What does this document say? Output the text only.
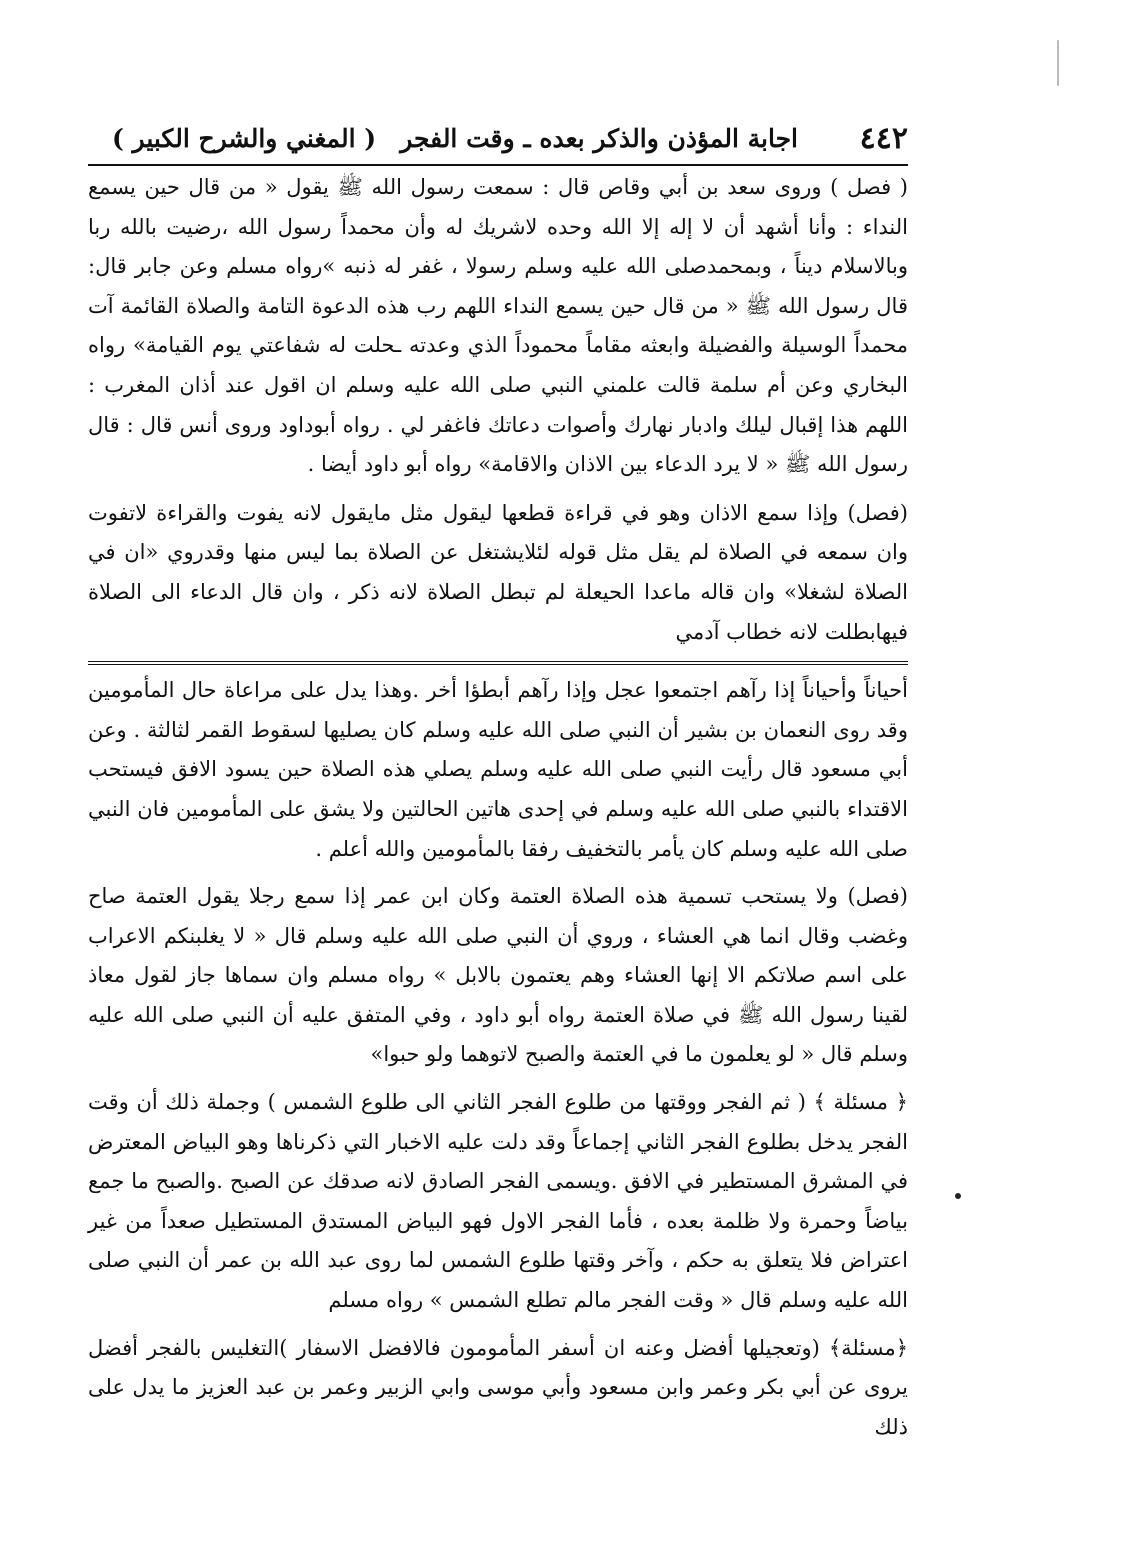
٤٤٢
اجابة المؤذن والذكر بعده ـ وقت الفجر
( المغني والشرح الكبير )

( فصل ) وروى سعد بن أبي وقاص قال : سمعت رسول الله ﷺ يقول « من قال حين يسمع النداء : وأنا أشهد أن لا إله إلا الله وحده لاشريك له وأن محمداً رسول الله ،رضيت بالله ربا وبالاسلام ديناً ، وبمحمدصلى الله عليه وسلم رسولا ، غفر له ذنبه »رواه مسلم وعن جابر قال: قال رسول الله ﷺ « من قال حين يسمع النداء اللهم رب هذه الدعوة التامة والصلاة القائمة آت محمداً الوسيلة والفضيلة وابعثه مقاماً محموداً الذي وعدته ـحلت له شفاعتي يوم القيامة» رواه البخاري وعن أم سلمة قالت علمني النبي صلى الله عليه وسلم ان اقول عند أذان المغرب : اللهم هذا إقبال ليلك وادبار نهارك وأصوات دعاتك فاغفر لي . رواه أبوداود وروى أنس قال : قال رسول الله ﷺ « لا يرد الدعاء بين الاذان والاقامة» رواه أبو داود أيضا .

(فصل) وإذا سمع الاذان وهو في قراءة قطعها ليقول مثل مايقول لانه يفوت والقراءة لاتفوت وان سمعه في الصلاة لم يقل مثل قوله لئلايشتغل عن الصلاة بما ليس منها وقدروي «ان في الصلاة لشغلا» وان قاله ماعدا الحيعلة لم تبطل الصلاة لانه ذكر ، وان قال الدعاء الى الصلاة فيهابطلت لانه خطاب آدمي

أحياناً وأحياناً إذا رآهم اجتمعوا عجل وإذا رآهم أبطؤا أخر .وهذا يدل على مراعاة حال المأمومين وقد روى النعمان بن بشير أن النبي صلى الله عليه وسلم كان يصليها لسقوط القمر لثالثة . وعن أبي مسعود قال رأيت النبي صلى الله عليه وسلم يصلي هذه الصلاة حين يسود الافق فيستحب الاقتداء بالنبي صلى الله عليه وسلم في إحدى هاتين الحالتين ولا يشق على المأمومين فان النبي صلى الله عليه وسلم كان يأمر بالتخفيف رفقا بالمأمومين والله أعلم .

(فصل) ولا يستحب تسمية هذه الصلاة العتمة وكان ابن عمر إذا سمع رجلا يقول العتمة صاح وغضب وقال انما هي العشاء ، وروي أن النبي صلى الله عليه وسلم قال « لا يغلبنكم الاعراب على اسم صلاتكم الا إنها العشاء وهم يعتمون بالابل » رواه مسلم وان سماها جاز لقول معاذ لقينا رسول الله ﷺ في صلاة العتمة رواه أبو داود ، وفي المتفق عليه أن النبي صلى الله عليه وسلم قال « لو يعلمون ما في العتمة والصبح لاتوهما ولو حبوا»

﴿ مسئلة ﴾ ( ثم الفجر ووقتها من طلوع الفجر الثاني الى طلوع الشمس ) وجملة ذلك أن وقت الفجر يدخل بطلوع الفجر الثاني إجماعاً وقد دلت عليه الاخبار التي ذكرناها وهو البياض المعترض في المشرق المستطير في الافق .ويسمى الفجر الصادق لانه صدقك عن الصبح .والصبح ما جمع بياضاً وحمرة ولا ظلمة بعده ، فأما الفجر الاول فهو البياض المستدق المستطيل صعداً من غير اعتراض فلا يتعلق به حكم ، وآخر وقتها طلوع الشمس لما روى عبد الله بن عمر أن النبي صلى الله عليه وسلم قال « وقت الفجر مالم تطلع الشمس » رواه مسلم

﴿مسئلة﴾ (وتعجيلها أفضل وعنه ان أسفر المأمومون فالافضل الاسفار )التغليس بالفجر أفضل يروى عن أبي بكر وعمر وابن مسعود وأبي موسى وابي الزبير وعمر بن عبد العزيز ما يدل على ذلك
